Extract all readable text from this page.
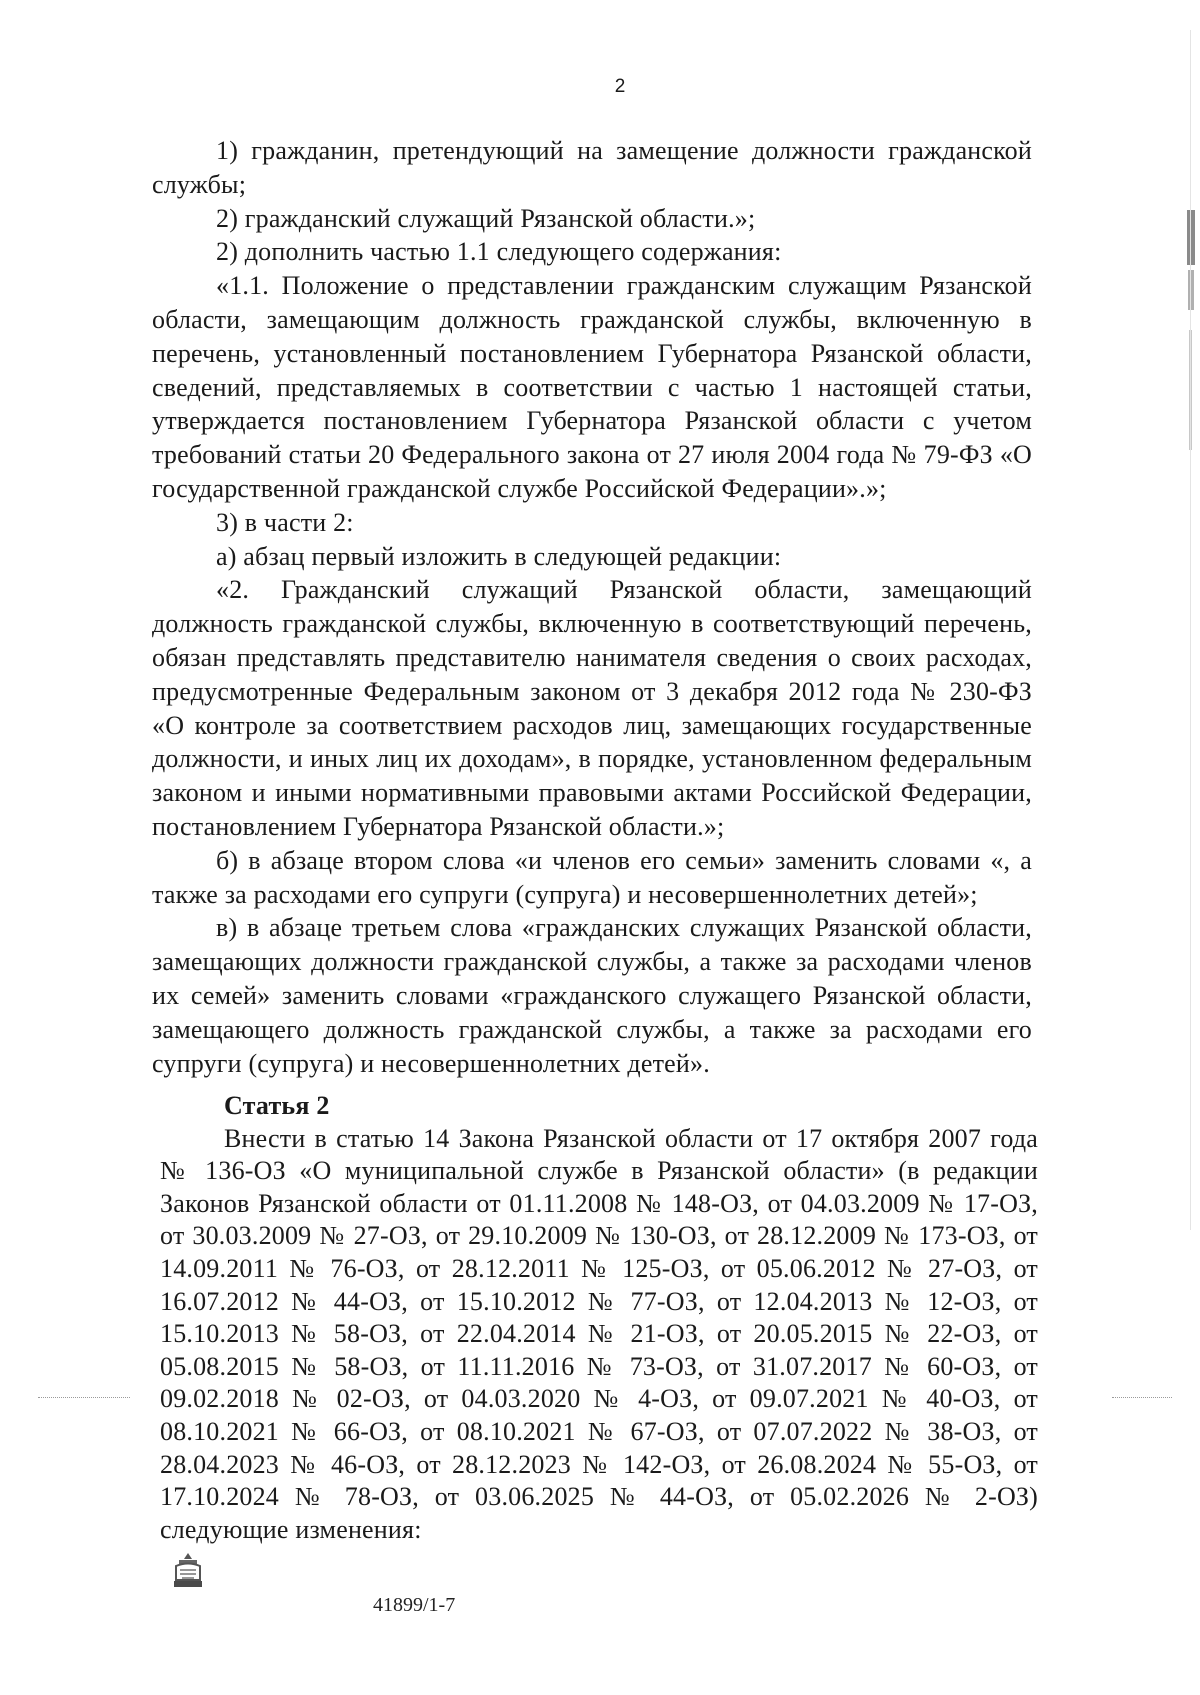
2

1) гражданин, претендующий на замещение должности гражданской службы;

2) гражданский служащий Рязанской области.»;

2) дополнить частью 1.1 следующего содержания:

«1.1. Положение о представлении гражданским служащим Рязанской области, замещающим должность гражданской службы, включенную в перечень, установленный постановлением Губернатора Рязанской области, сведений, представляемых в соответствии с частью 1 настоящей статьи, утверждается постановлением Губернатора Рязанской области с учетом требований статьи 20 Федерального закона от 27 июля 2004 года № 79-ФЗ «О государственной гражданской службе Российской Федерации».»;

3) в части 2:

а) абзац первый изложить в следующей редакции:

«2. Гражданский служащий Рязанской области, замещающий должность гражданской службы, включенную в соответствующий перечень, обязан представлять представителю нанимателя сведения о своих расходах, предусмотренные Федеральным законом от 3 декабря 2012 года № 230-ФЗ «О контроле за соответствием расходов лиц, замещающих государственные должности, и иных лиц их доходам», в порядке, установленном федеральным законом и иными нормативными правовыми актами Российской Федерации, постановлением Губернатора Рязанской области.»;

б) в абзаце втором слова «и членов его семьи» заменить словами «, а также за расходами его супруги (супруга) и несовершеннолетних детей»;

в) в абзаце третьем слова «гражданских служащих Рязанской области, замещающих должности гражданской службы, а также за расходами членов их семей» заменить словами «гражданского служащего Рязанской области, замещающего должность гражданской службы, а также за расходами его супруги (супруга) и несовершеннолетних детей».

Статья 2

Внести в статью 14 Закона Рязанской области от 17 октября 2007 года № 136-ОЗ «О муниципальной службе в Рязанской области» (в редакции Законов Рязанской области от 01.11.2008 № 148-ОЗ, от 04.03.2009 № 17-ОЗ, от 30.03.2009 № 27-ОЗ, от 29.10.2009 № 130-ОЗ, от 28.12.2009 № 173-ОЗ, от 14.09.2011 № 76-ОЗ, от 28.12.2011 № 125-ОЗ, от 05.06.2012 № 27-ОЗ, от 16.07.2012 № 44-ОЗ, от 15.10.2012 № 77-ОЗ, от 12.04.2013 № 12-ОЗ, от 15.10.2013 № 58-ОЗ, от 22.04.2014 № 21-ОЗ, от 20.05.2015 № 22-ОЗ, от 05.08.2015 № 58-ОЗ, от 11.11.2016 № 73-ОЗ, от 31.07.2017 № 60-ОЗ, от 09.02.2018 № 02-ОЗ, от 04.03.2020 № 4-ОЗ, от 09.07.2021 № 40-ОЗ, от 08.10.2021 № 66-ОЗ, от 08.10.2021 № 67-ОЗ, от 07.07.2022 № 38-ОЗ, от 28.04.2023 № 46-ОЗ, от 28.12.2023 № 142-ОЗ, от 26.08.2024 № 55-ОЗ, от 17.10.2024 № 78-ОЗ, от 03.06.2025 № 44-ОЗ, от 05.02.2026 № 2-ОЗ) следующие изменения:

41899/1-7
